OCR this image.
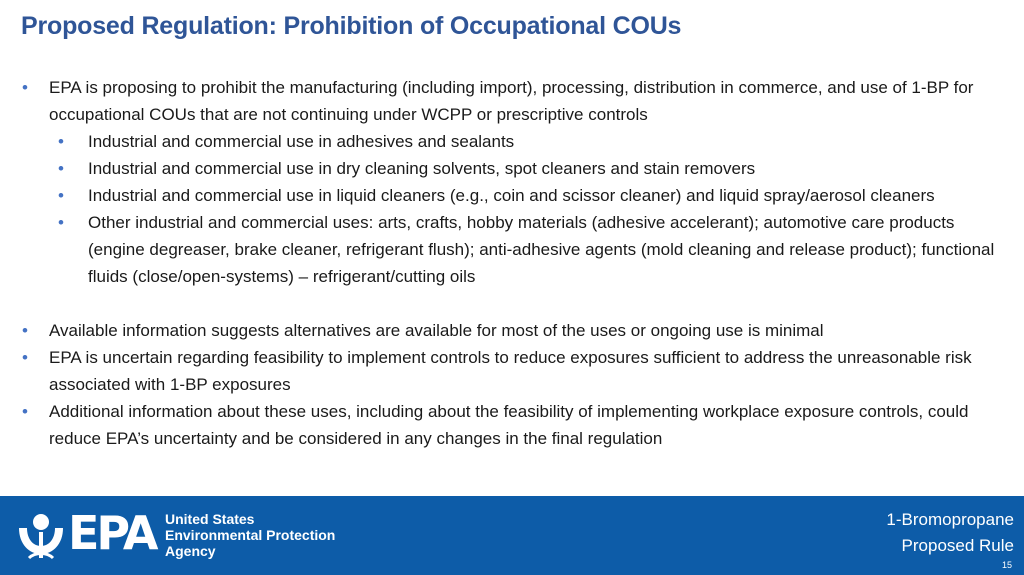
Proposed Regulation: Prohibition of Occupational COUs
• EPA is proposing to prohibit the manufacturing (including import), processing, distribution in commerce, and use of 1-BP for occupational COUs that are not continuing under WCPP or prescriptive controls
• Industrial and commercial use in adhesives and sealants
• Industrial and commercial use in dry cleaning solvents, spot cleaners and stain removers
• Industrial and commercial use in liquid cleaners (e.g., coin and scissor cleaner) and liquid spray/aerosol cleaners
• Other industrial and commercial uses: arts, crafts, hobby materials (adhesive accelerant); automotive care products (engine degreaser, brake cleaner, refrigerant flush); anti-adhesive agents (mold cleaning and release product); functional fluids (close/open-systems) – refrigerant/cutting oils
• Available information suggests alternatives are available for most of the uses or ongoing use is minimal
• EPA is uncertain regarding feasibility to implement controls to reduce exposures sufficient to address the unreasonable risk associated with 1-BP exposures
• Additional information about these uses, including about the feasibility of implementing workplace exposure controls, could reduce EPA’s uncertainty and be considered in any changes in the final regulation
EPA United States
Environmental Protection
Agency
1-Bromopropane
Proposed Rule
15
